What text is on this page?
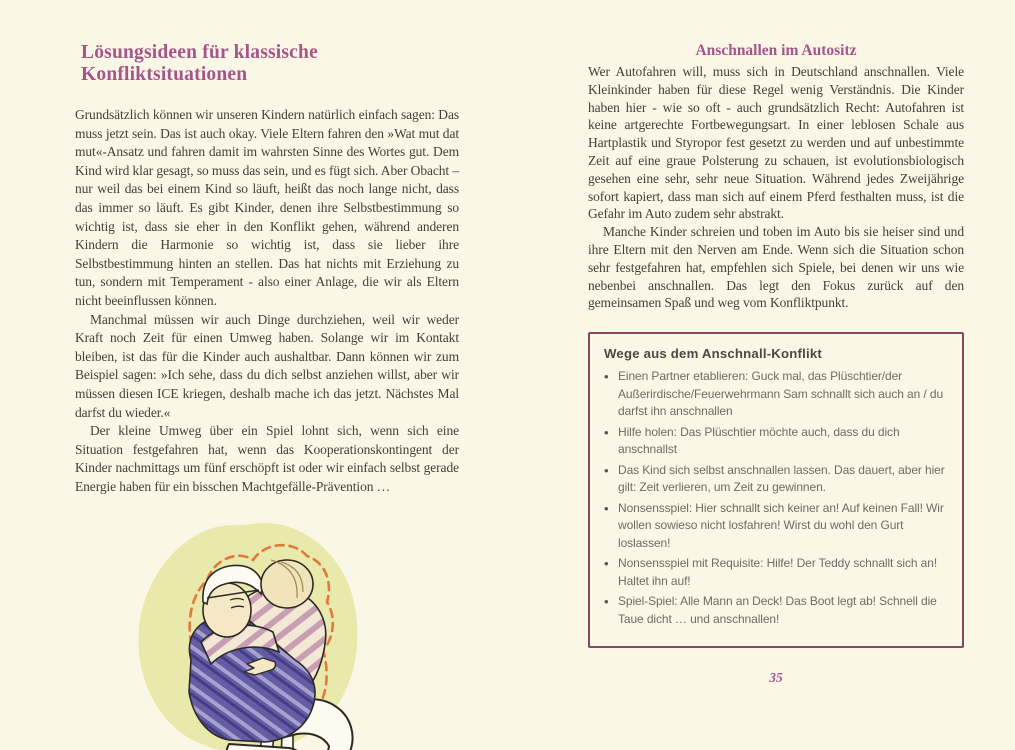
Lösungsideen für klassische Konfliktsituationen

Grundsätzlich können wir unseren Kindern natürlich einfach sagen: Das muss jetzt sein. Das ist auch okay. Viele Eltern fahren den »Wat mut dat mut«-Ansatz und fahren damit im wahrsten Sinne des Wortes gut. Dem Kind wird klar gesagt, so muss das sein, und es fügt sich. Aber Obacht – nur weil das bei einem Kind so läuft, heißt das noch lange nicht, dass das immer so läuft. Es gibt Kinder, denen ihre Selbstbestimmung so wichtig ist, dass sie eher in den Konflikt gehen, während anderen Kindern die Harmonie so wichtig ist, dass sie lieber ihre Selbstbestimmung hinten an stellen. Das hat nichts mit Erziehung zu tun, sondern mit Temperament - also einer Anlage, die wir als Eltern nicht beeinflussen können.

Manchmal müssen wir auch Dinge durchziehen, weil wir weder Kraft noch Zeit für einen Umweg haben. Solange wir im Kontakt bleiben, ist das für die Kinder auch aushaltbar. Dann können wir zum Beispiel sagen: »Ich sehe, dass du dich selbst anziehen willst, aber wir müssen diesen ICE kriegen, deshalb mache ich das jetzt. Nächstes Mal darfst du wieder.«

Der kleine Umweg über ein Spiel lohnt sich, wenn sich eine Situation festgefahren hat, wenn das Kooperationskontingent der Kinder nachmittags um fünf erschöpft ist oder wir einfach selbst gerade Energie haben für ein bisschen Machtgefälle-Prävention …

Anschnallen im Autositz

Wer Autofahren will, muss sich in Deutschland anschnallen. Viele Kleinkinder haben für diese Regel wenig Verständnis. Die Kinder haben hier - wie so oft - auch grundsätzlich Recht: Autofahren ist keine artgerechte Fortbewegungsart. In einer leblosen Schale aus Hartplastik und Styropor fest gesetzt zu werden und auf unbestimmte Zeit auf eine graue Polsterung zu schauen, ist evolutionsbiologisch gesehen eine sehr, sehr neue Situation. Während jedes Zweijährige sofort kapiert, dass man sich auf einem Pferd festhalten muss, ist die Gefahr im Auto zudem sehr abstrakt.

Manche Kinder schreien und toben im Auto bis sie heiser sind und ihre Eltern mit den Nerven am Ende. Wenn sich die Situation schon sehr festgefahren hat, empfehlen sich Spiele, bei denen wir uns wie nebenbei anschnallen. Das legt den Fokus zurück auf den gemeinsamen Spaß und weg vom Konfliktpunkt.

Wege aus dem Anschnall-Konflikt
• Einen Partner etablieren: Guck mal, das Plüschtier/der Außerirdische/Feuerwehrmann Sam schnallt sich auch an / du darfst ihn anschnallen
• Hilfe holen: Das Plüschtier möchte auch, dass du dich anschnallst
• Das Kind sich selbst anschnallen lassen. Das dauert, aber hier gilt: Zeit verlieren, um Zeit zu gewinnen.
• Nonsensspiel: Hier schnallt sich keiner an! Auf keinen Fall! Wir wollen sowieso nicht losfahren! Wirst du wohl den Gurt loslassen!
• Nonsensspiel mit Requisite: Hilfe! Der Teddy schnallt sich an! Haltet ihn auf!
• Spiel-Spiel: Alle Mann an Deck! Das Boot legt ab! Schnell die Taue dicht … und anschnallen!
35
